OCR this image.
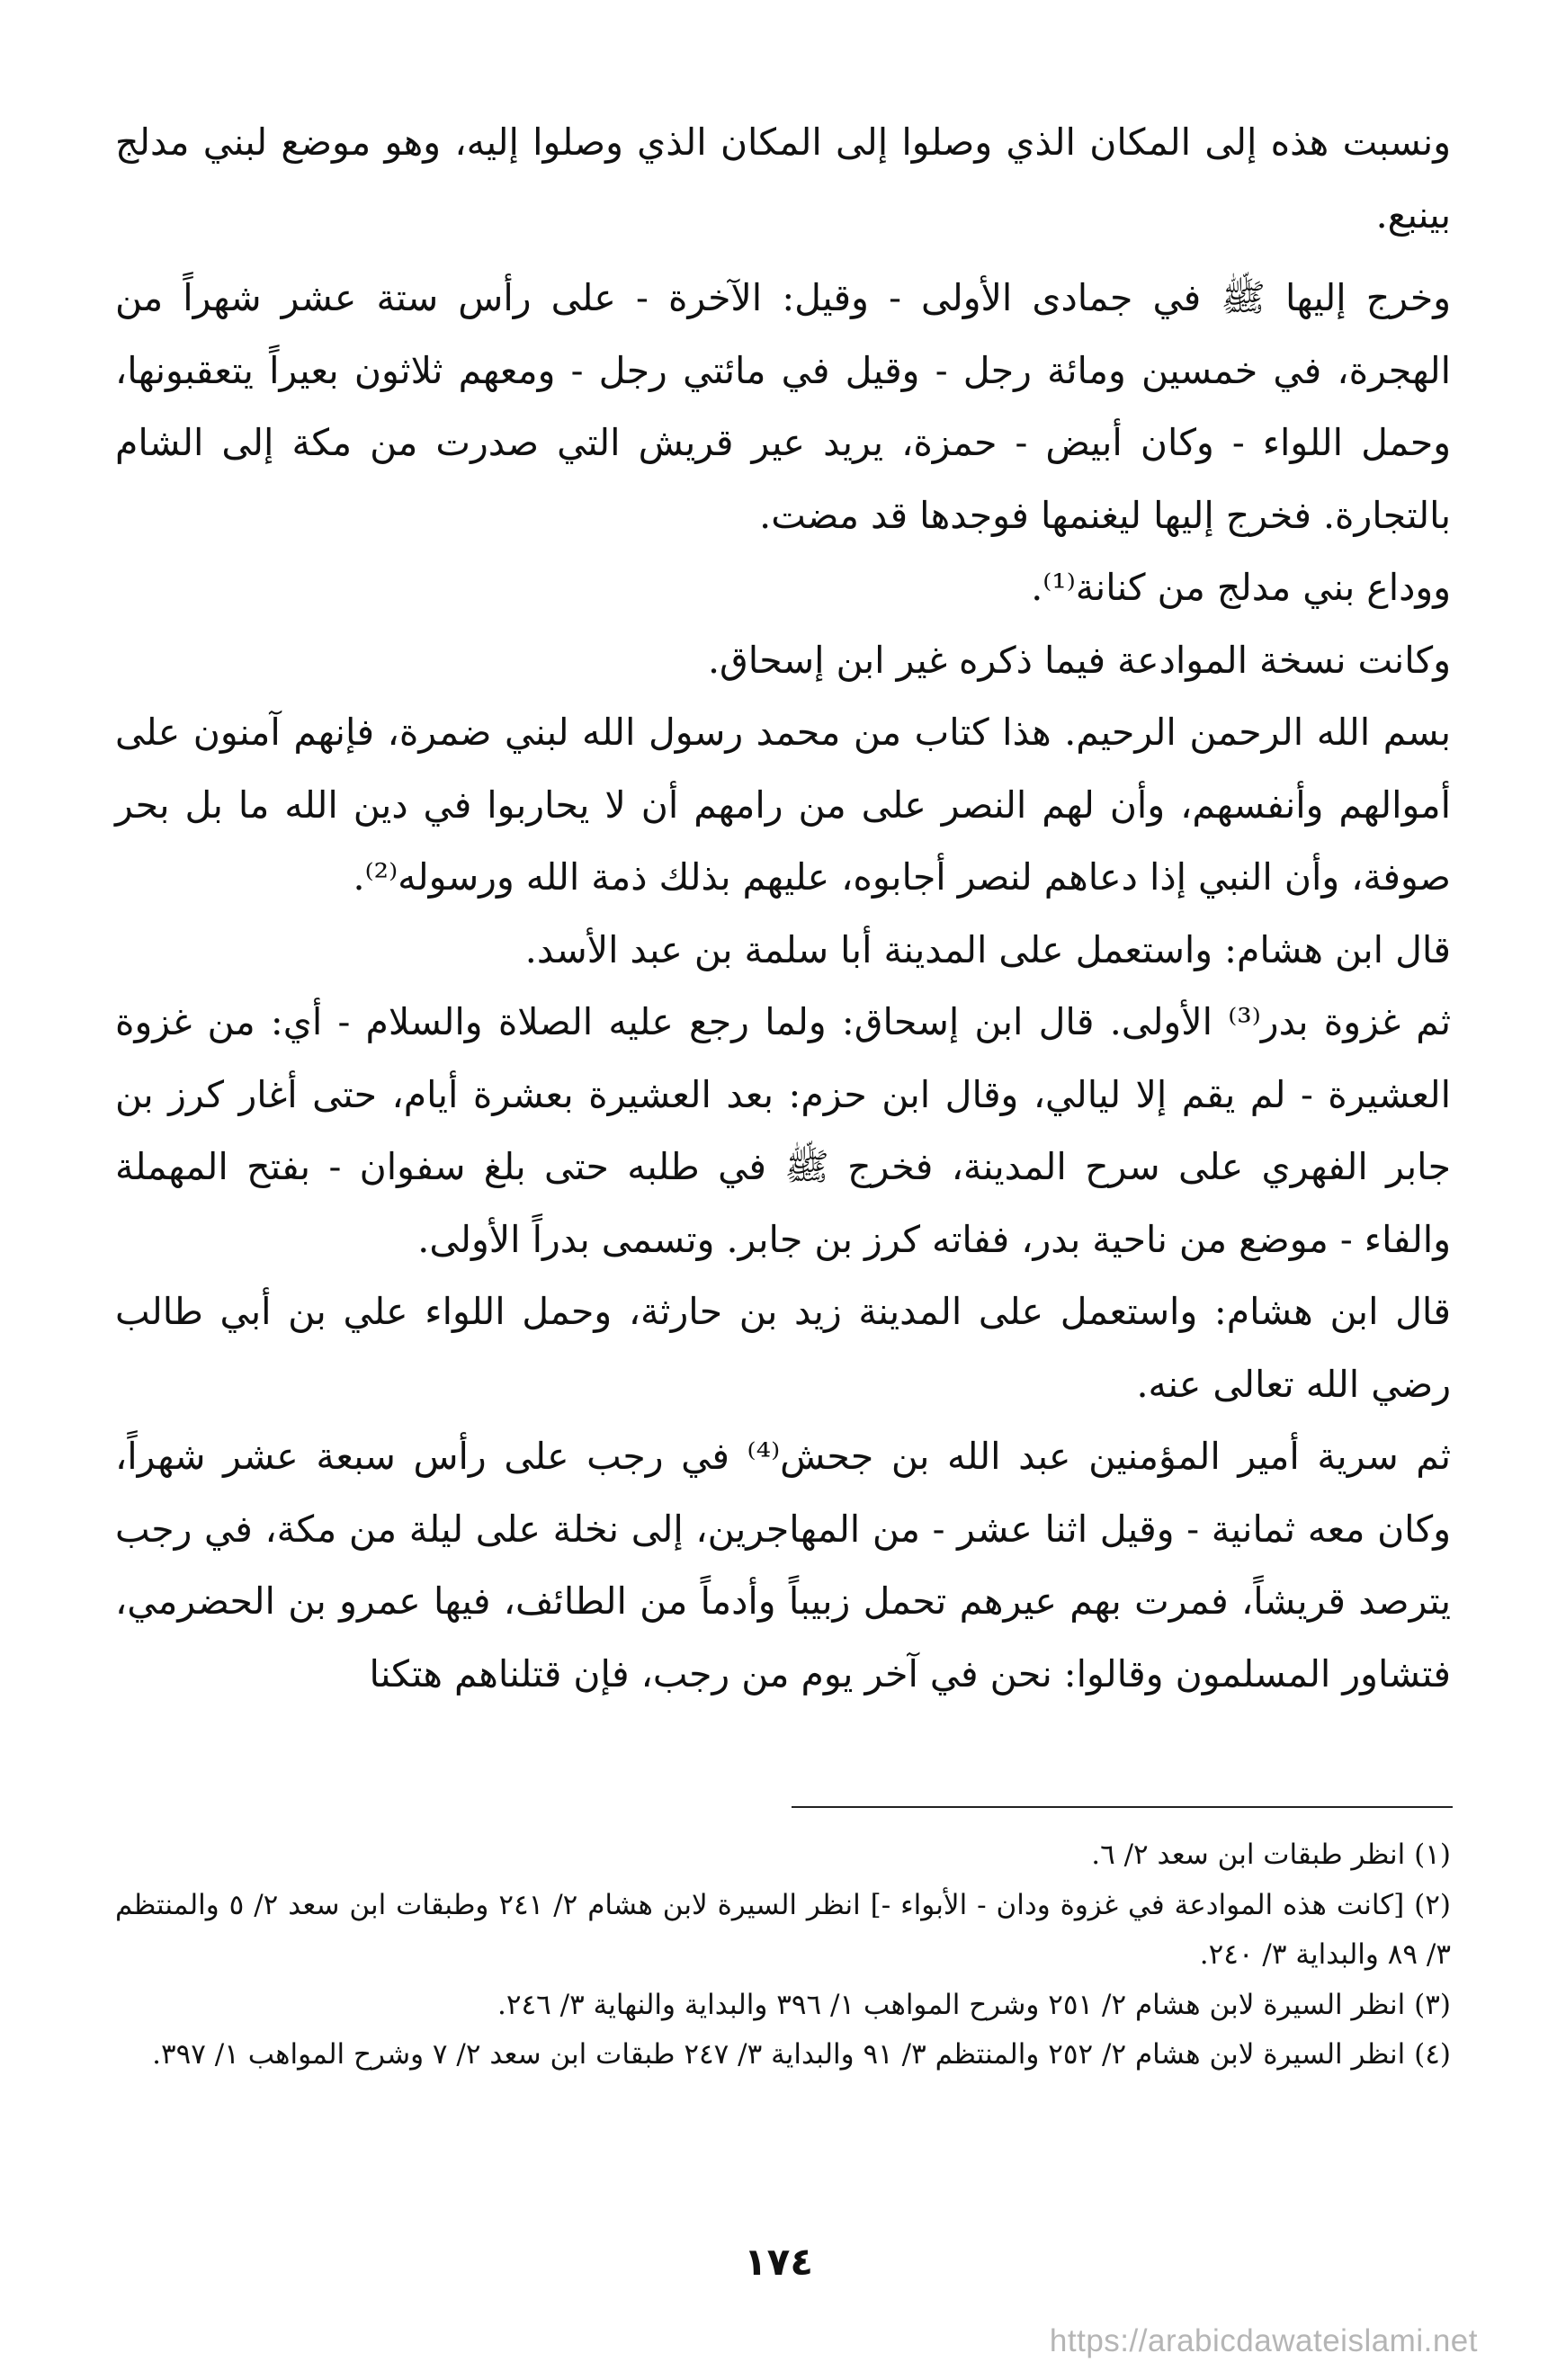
ونسبت هذه إلى المكان الذي وصلوا إلى المكان الذي وصلوا إليه، وهو موضع لبني مدلج بينبع.

وخرج إليها ﷺ في جمادى الأولى - وقيل: الآخرة - على رأس ستة عشر شهراً من الهجرة، في خمسين ومائة رجل - وقيل في مائتي رجل - ومعهم ثلاثون بعيراً يتعقبونها، وحمل اللواء - وكان أبيض - حمزة، يريد عير قريش التي صدرت من مكة إلى الشام بالتجارة. فخرج إليها ليغنمها فوجدها قد مضت.

ووداع بني مدلج من كنانة⁽¹⁾.

وكانت نسخة الموادعة فيما ذكره غير ابن إسحاق.

بسم الله الرحمن الرحيم. هذا كتاب من محمد رسول الله لبني ضمرة، فإنهم آمنون على أموالهم وأنفسهم، وأن لهم النصر على من رامهم أن لا يحاربوا في دين الله ما بل بحر صوفة، وأن النبي إذا دعاهم لنصر أجابوه، عليهم بذلك ذمة الله ورسوله⁽²⁾.

قال ابن هشام: واستعمل على المدينة أبا سلمة بن عبد الأسد.

ثم غزوة بدر⁽³⁾ الأولى. قال ابن إسحاق: ولما رجع عليه الصلاة والسلام - أي: من غزوة العشيرة - لم يقم إلا ليالي، وقال ابن حزم: بعد العشيرة بعشرة أيام، حتى أغار كرز بن جابر الفهري على سرح المدينة، فخرج ﷺ في طلبه حتى بلغ سفوان - بفتح المهملة والفاء - موضع من ناحية بدر، ففاته كرز بن جابر. وتسمى بدراً الأولى.

قال ابن هشام: واستعمل على المدينة زيد بن حارثة، وحمل اللواء علي بن أبي طالب رضي الله تعالى عنه.

ثم سرية أمير المؤمنين عبد الله بن جحش⁽⁴⁾ في رجب على رأس سبعة عشر شهراً، وكان معه ثمانية - وقيل اثنا عشر - من المهاجرين، إلى نخلة على ليلة من مكة، في رجب يترصد قريشاً، فمرت بهم عيرهم تحمل زبيباً وأدماً من الطائف، فيها عمرو بن الحضرمي، فتشاور المسلمون وقالوا: نحن في آخر يوم من رجب، فإن قتلناهم هتكنا

(١) انظر طبقات ابن سعد ٢/ ٦.

(٢) [كانت هذه الموادعة في غزوة ودان - الأبواء -] انظر السيرة لابن هشام ٢/ ٢٤١ وطبقات ابن سعد ٢/ ٥ والمنتظم ٣/ ٨٩ والبداية ٣/ ٢٤٠.

(٣) انظر السيرة لابن هشام ٢/ ٢٥١ وشرح المواهب ١/ ٣٩٦ والبداية والنهاية ٣/ ٢٤٦.

(٤) انظر السيرة لابن هشام ٢/ ٢٥٢ والمنتظم ٣/ ٩١ والبداية ٣/ ٢٤٧ طبقات ابن سعد ٢/ ٧ وشرح المواهب ١/ ٣٩٧.

١٧٤
https://arabicdawateislami.net
